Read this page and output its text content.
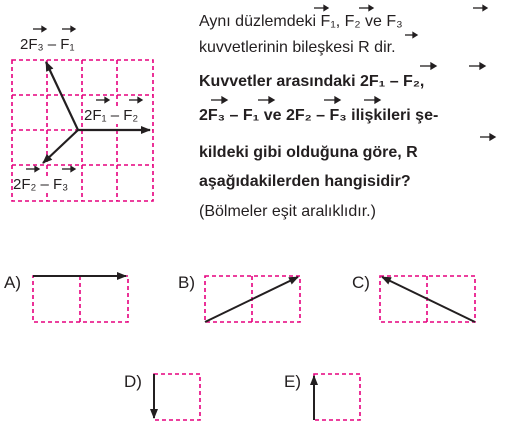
2F₃ – F₁
2F₁ – F₂
2F₂ – F₃
Aynı düzlemdeki F₁, F₂ ve F₃
kuvvetlerinin bileşkesi R dir.
Kuvvetler arasındaki 2F₁ – F₂,
2F₃ – F₁ ve 2F₂ – F₃ ilişkileri şe-
kildeki gibi olduğuna göre, R
aşağıdakilerden hangisidir?
(Bölmeler eşit aralıklıdır.)
A)	B)	C)
D)	E)
